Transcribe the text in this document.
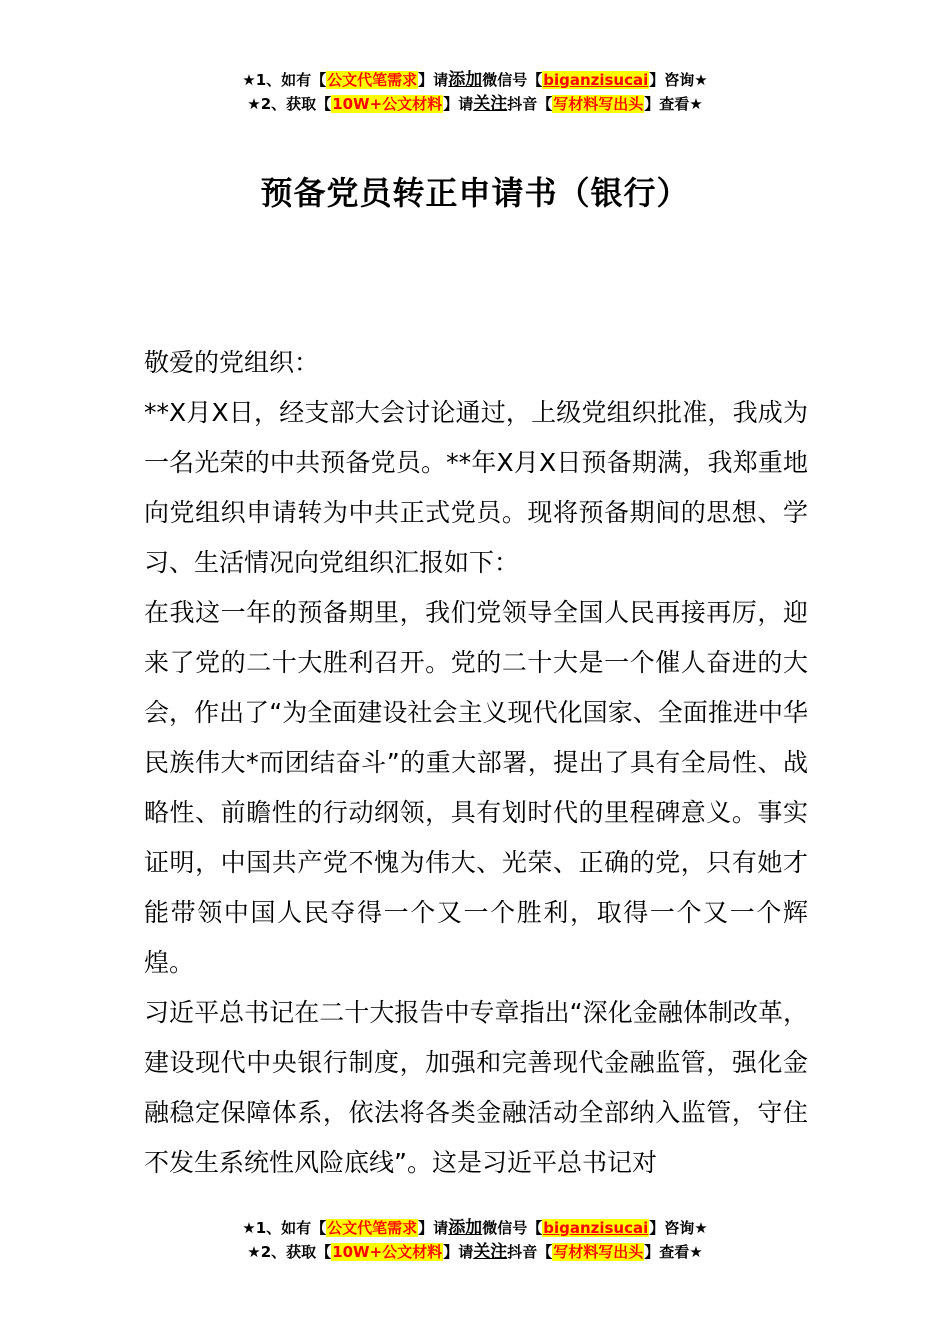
★1、如有【公文代笔需求】请添加微信号【biganzisucai】咨询★
★2、获取【10W+公文材料】请关注抖音【写材料写出头】查看★
预备党员转正申请书（银行）

敬爱的党组织：

**X月X日，经支部大会讨论通过，上级党组织批准，我成为一名光荣的中共预备党员。**年X月X日预备期满，我郑重地向党组织申请转为中共正式党员。现将预备期间的思想、学习、生活情况向党组织汇报如下：

在我这一年的预备期里，我们党领导全国人民再接再厉，迎来了党的二十大胜利召开。党的二十大是一个催人奋进的大会，作出了“为全面建设社会主义现代化国家、全面推进中华民族伟大*而团结奋斗”的重大部署，提出了具有全局性、战略性、前瞻性的行动纲领，具有划时代的里程碑意义。事实证明，中国共产党不愧为伟大、光荣、正确的党，只有她才能带领中国人民夺得一个又一个胜利，取得一个又一个辉煌。

习近平总书记在二十大报告中专章指出“深化金融体制改革，建设现代中央银行制度，加强和完善现代金融监管，强化金融稳定保障体系，依法将各类金融活动全部纳入监管，守住不发生系统性风险底线”。这是习近平总书记对

★1、如有【公文代笔需求】请添加微信号【biganzisucai】咨询★
★2、获取【10W+公文材料】请关注抖音【写材料写出头】查看★
